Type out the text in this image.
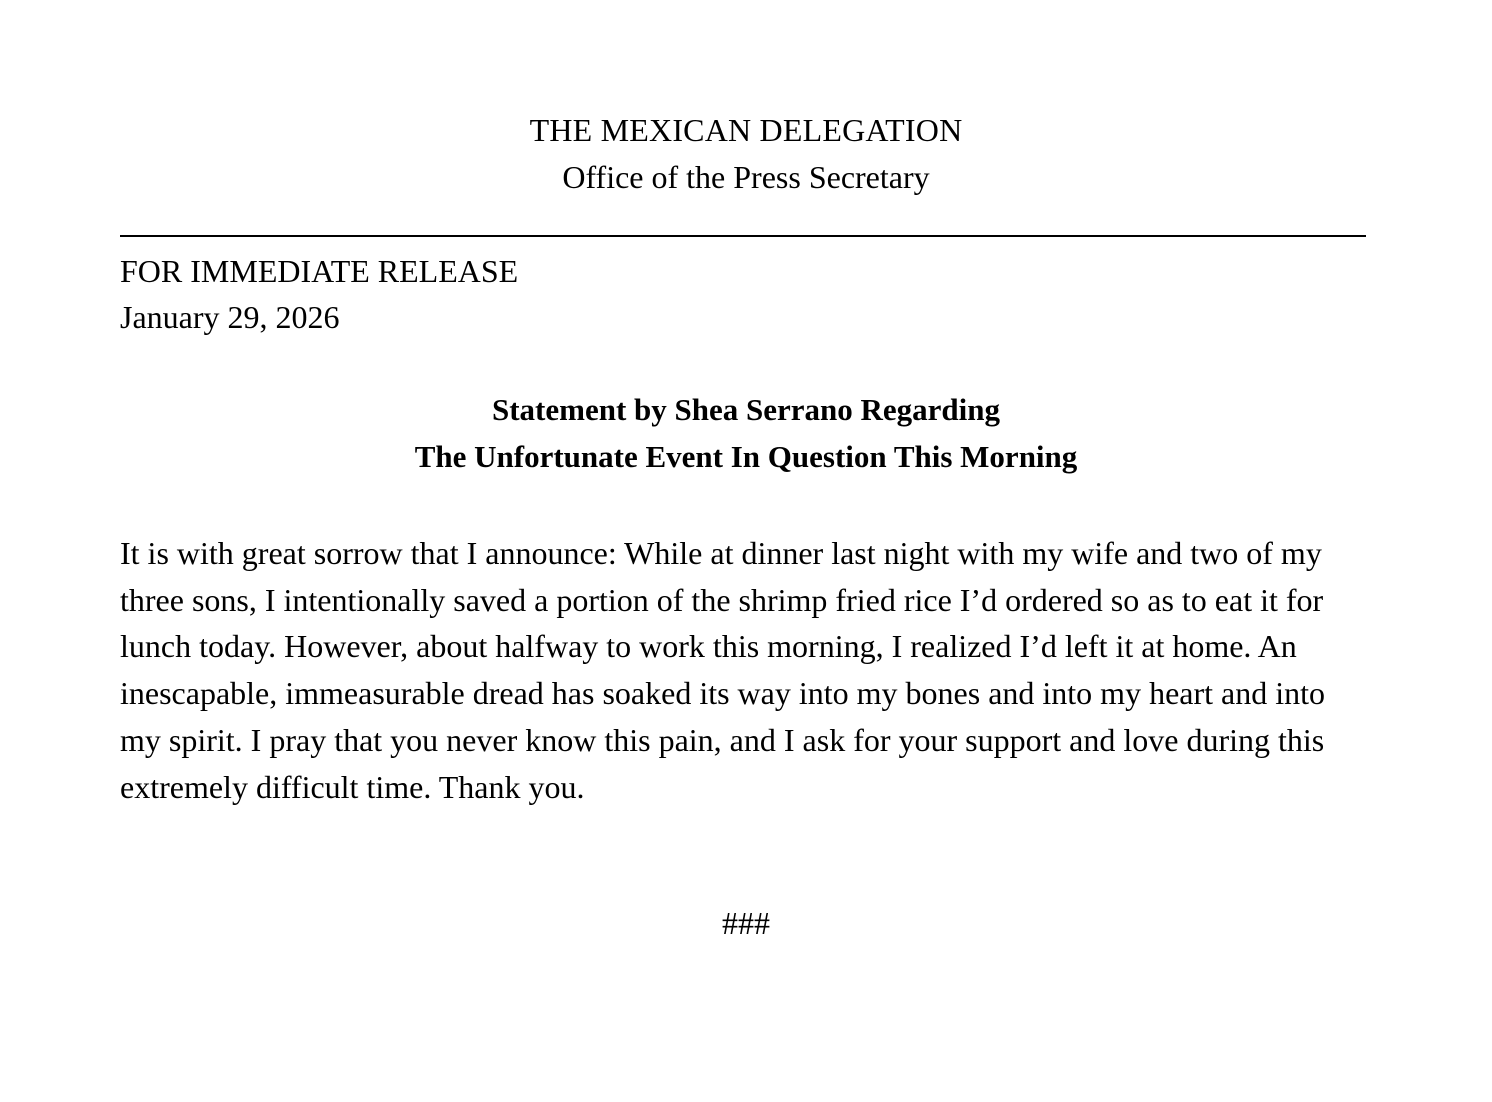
THE MEXICAN DELEGATION
Office of the Press Secretary
FOR IMMEDIATE RELEASE
January 29, 2026
Statement by Shea Serrano Regarding
The Unfortunate Event In Question This Morning

It is with great sorrow that I announce: While at dinner last night with my wife and two of my three sons, I intentionally saved a portion of the shrimp fried rice I’d ordered so as to eat it for lunch today. However, about halfway to work this morning, I realized I’d left it at home. An inescapable, immeasurable dread has soaked its way into my bones and into my heart and into my spirit. I pray that you never know this pain, and I ask for your support and love during this extremely difficult time. Thank you.

###
